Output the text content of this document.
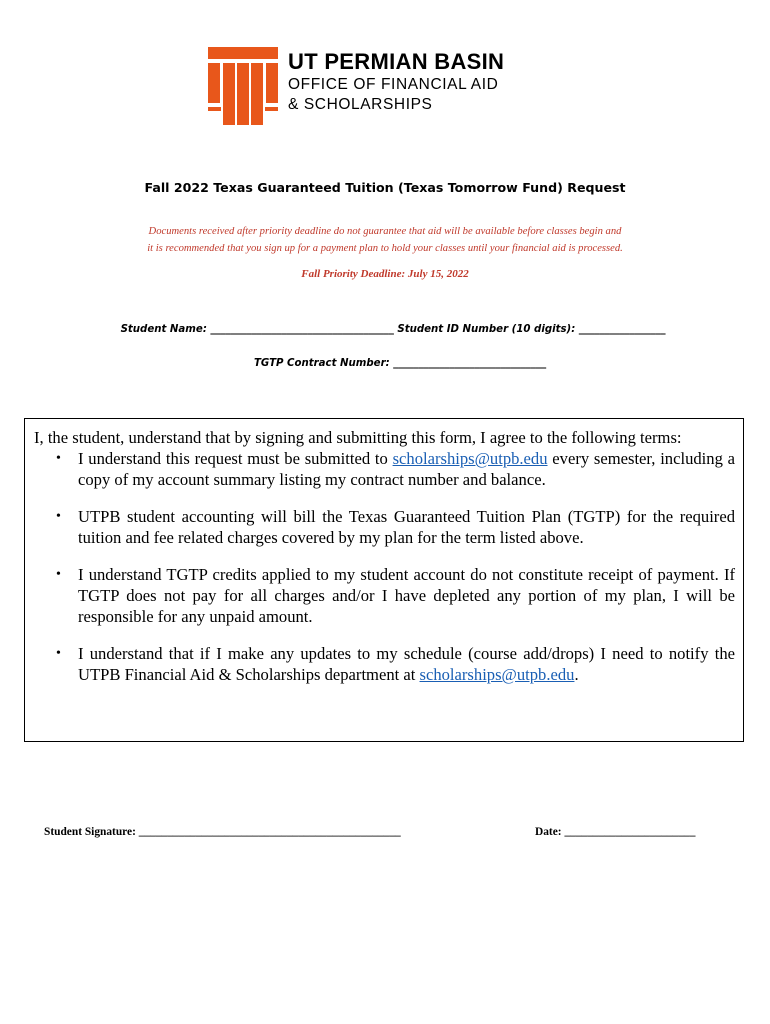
UT PERMIAN BASIN
OFFICE OF FINANCIAL AID
& SCHOLARSHIPS
Fall 2022 Texas Guaranteed Tuition (Texas Tomorrow Fund) Request
Documents received after priority deadline do not guarantee that aid will be available before classes begin and
it is recommended that you sign up for a payment plan to hold your classes until your financial aid is processed.
Fall Priority Deadline: July 15, 2022
Student Name: ____________________________________ Student ID Number (10 digits): _________________
TGTP Contract Number: ______________________________
I, the student, understand that by signing and submitting this form, I agree to the following terms:
• I understand this request must be submitted to scholarships@utpb.edu every semester, including a copy of my account summary listing my contract number and balance.
• UTPB student accounting will bill the Texas Guaranteed Tuition Plan (TGTP) for the required tuition and fee related charges covered by my plan for the term listed above.
• I understand TGTP credits applied to my student account do not constitute receipt of payment. If TGTP does not pay for all charges and/or I have depleted any portion of my plan, I will be responsible for any unpaid amount.
• I understand that if I make any updates to my schedule (course add/drops) I need to notify the UTPB Financial Aid & Scholarships department at scholarships@utpb.edu.
Student Signature: ______________________________________________	Date: _______________________
